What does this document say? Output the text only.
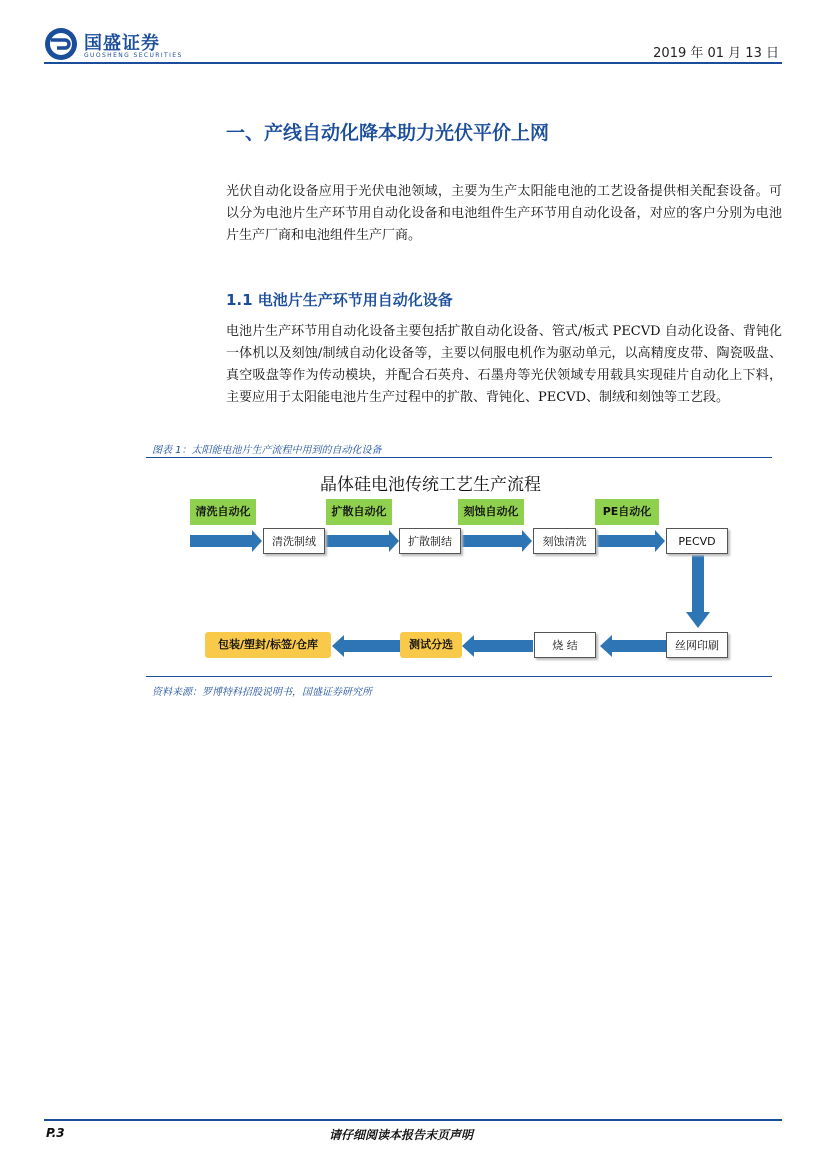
国盛证券
GUOSHENG SECURITIES	2019 年 01 月 13 日
一、产线自动化降本助力光伏平价上网
光伏自动化设备应用于光伏电池领域，主要为生产太阳能电池的工艺设备提供相关配套设备。可以分为电池片生产环节用自动化设备和电池组件生产环节用自动化设备，对应的客户分别为电池片生产厂商和电池组件生产厂商。
1.1 电池片生产环节用自动化设备
电池片生产环节用自动化设备主要包括扩散自动化设备、管式/板式 PECVD 自动化设备、背钝化一体机以及刻蚀/制绒自动化设备等，主要以伺服电机作为驱动单元，以高精度皮带、陶瓷吸盘、真空吸盘等作为传动模块，并配合石英舟、石墨舟等光伏领域专用载具实现硅片自动化上下料，主要应用于太阳能电池片生产过程中的扩散、背钝化、PECVD、制绒和刻蚀等工艺段。
图表 1：太阳能电池片生产流程中用到的自动化设备
晶体硅电池传统工艺生产流程
清洗自动化	扩散自动化	刻蚀自动化	PE自动化
清洗制绒	扩散制结	刻蚀清洗	PECVD
丝网印刷
烧 结
测试分选
包装/塑封/标签/仓库
资料来源：罗博特科招股说明书，国盛证券研究所
P.3	请仔细阅读本报告末页声明
